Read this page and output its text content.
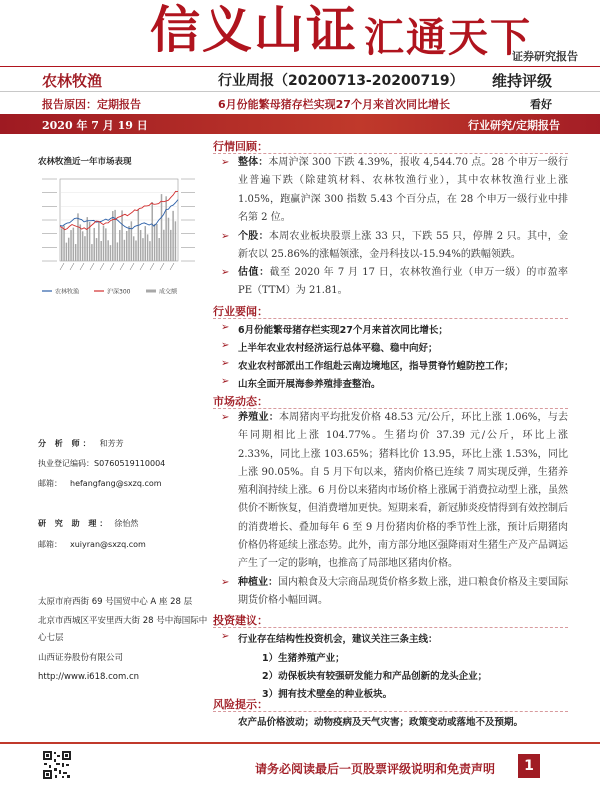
信义山证 汇通天下
证券研究报告
农林牧渔	行业周报（20200713-20200719） 维持评级
报告原因：定期报告	6月份能繁母猪存栏实现27个月来首次同比增长	看好
2020 年 7 月 19 日	行业研究/定期报告
农林牧渔近一年市场表现
农林牧渔	沪深300	成交额
分 析 师： 和芳芳
执业登记编码：S0760519110004
邮箱： hefangfang@sxzq.com
研 究 助 理： 徐怡然
邮箱： xuiyran@sxzq.com
太原市府西街 69 号国贸中心 A 座 28 层
北京市西城区平安里西大街 28 号中海国际中心七层
山西证券股份有限公司
http://www.i618.com.cn
行情回顾：
➢ 整体：本周沪深 300 下跌 4.39%，报收 4,544.70 点。28 个申万一级行业普遍下跌（除建筑材料、农林牧渔行业），其中农林牧渔行业上涨 1.05%，跑赢沪深 300 指数 5.43 个百分点，在 28 个申万一级行业中排名第 2 位。
➢ 个股：本周农业板块股票上涨 33 只，下跌 55 只，停牌 2 只。其中，金新农以 25.86%的涨幅领涨，金丹科技以-15.94%的跌幅领跌。
➢ 估值：截至 2020 年 7 月 17 日，农林牧渔行业（申万一级）的市盈率 PE（TTM）为 21.81。
行业要闻：
➢ 6月份能繁母猪存栏实现27个月来首次同比增长；
➢ 上半年农业农村经济运行总体平稳、稳中向好；
➢ 农业农村部派出工作组赴云南边境地区，指导贯脊竹蝗防控工作；
➢ 山东全面开展海参养殖排查整治。
市场动态：
➢ 养殖业：本周猪肉平均批发价格 48.53 元/公斤，环比上涨 1.06%，与去年同期相比上涨 104.77%。生猪均价 37.39 元/公斤，环比上涨 2.33%，同比上涨 103.65%；猪料比价 13.95，环比上涨 1.53%，同比上涨 90.05%。自 5 月下旬以来，猪肉价格已连续 7 周实现反弹，生猪养殖利润持续上涨。6 月份以来猪肉市场价格上涨属于消费拉动型上涨，虽然供价不断恢复，但消费增加更快。短期来看，新冠肺炎疫情得到有效控制后的消费增长、叠加每年 6 至 9 月份猪肉价格的季节性上涨，预计后期猪肉价格仍将延续上涨态势。此外，南方部分地区强降雨对生猪生产及产品调运产生了一定的影响，也推高了局部地区猪肉价格。
➢ 种植业：国内粮食及大宗商品现货价格多数上涨，进口粮食价格及主要国际期货价格小幅回调。
投资建议：
➢ 行业存在结构性投资机会，建议关注三条主线：
1）生猪养殖产业；
2）动保板块有较强研发能力和产品创新的龙头企业；
3）拥有技术壁垒的种业板块。
风险提示：
农产品价格波动；动物疫病及天气灾害；政策变动或落地不及预期。
请务必阅读最后一页股票评级说明和免责声明	1
